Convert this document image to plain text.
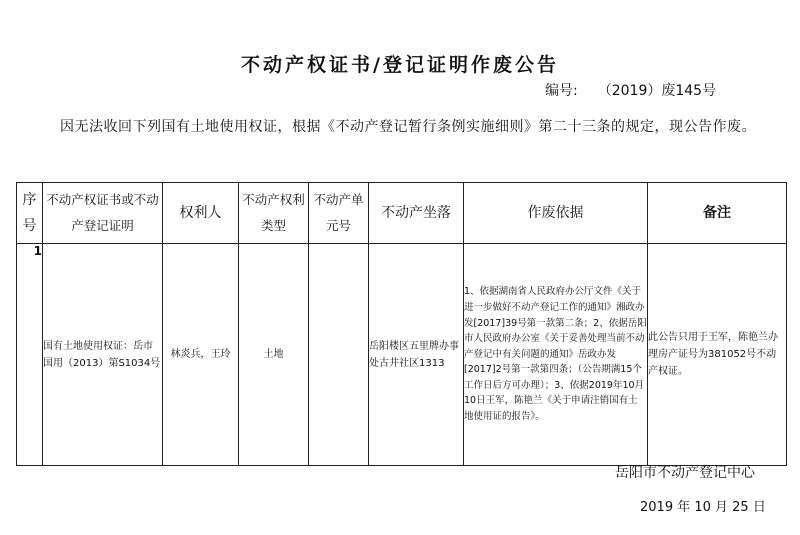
不动产权证书/登记证明作废公告
编号: （2019）废145号
因无法收回下列国有土地使用权证，根据《不动产登记暂行条例实施细则》第二十三条的规定，现公告作废。
序号	不动产权证书或不动产登记证明	权利人	不动产权利类型	不动产单元号	不动产坐落	作废依据	备注
1	国有土地使用权证：岳市国用（2013）第S1034号	林炎兵，王玲	土地		岳阳楼区五里牌办事处古井社区1313	1、依据湖南省人民政府办公厅文件《关于进一步做好不动产登记工作的通知》湘政办发[2017]39号第一款第二条；2、依据岳阳市人民政府办公室《关于妥善处理当前不动产登记中有关问题的通知》岳政办发[2017]2号第一款第四条；（公告期满15个工作日后方可办理）；3、依据2019年10月10日王军，陈艳兰《关于申请注销国有土地使用证的报告》。	此公告只用于王军，陈艳兰办理房产证号为381052号不动产权证。
岳阳市不动产登记中心
2019 年 10 月 25 日
